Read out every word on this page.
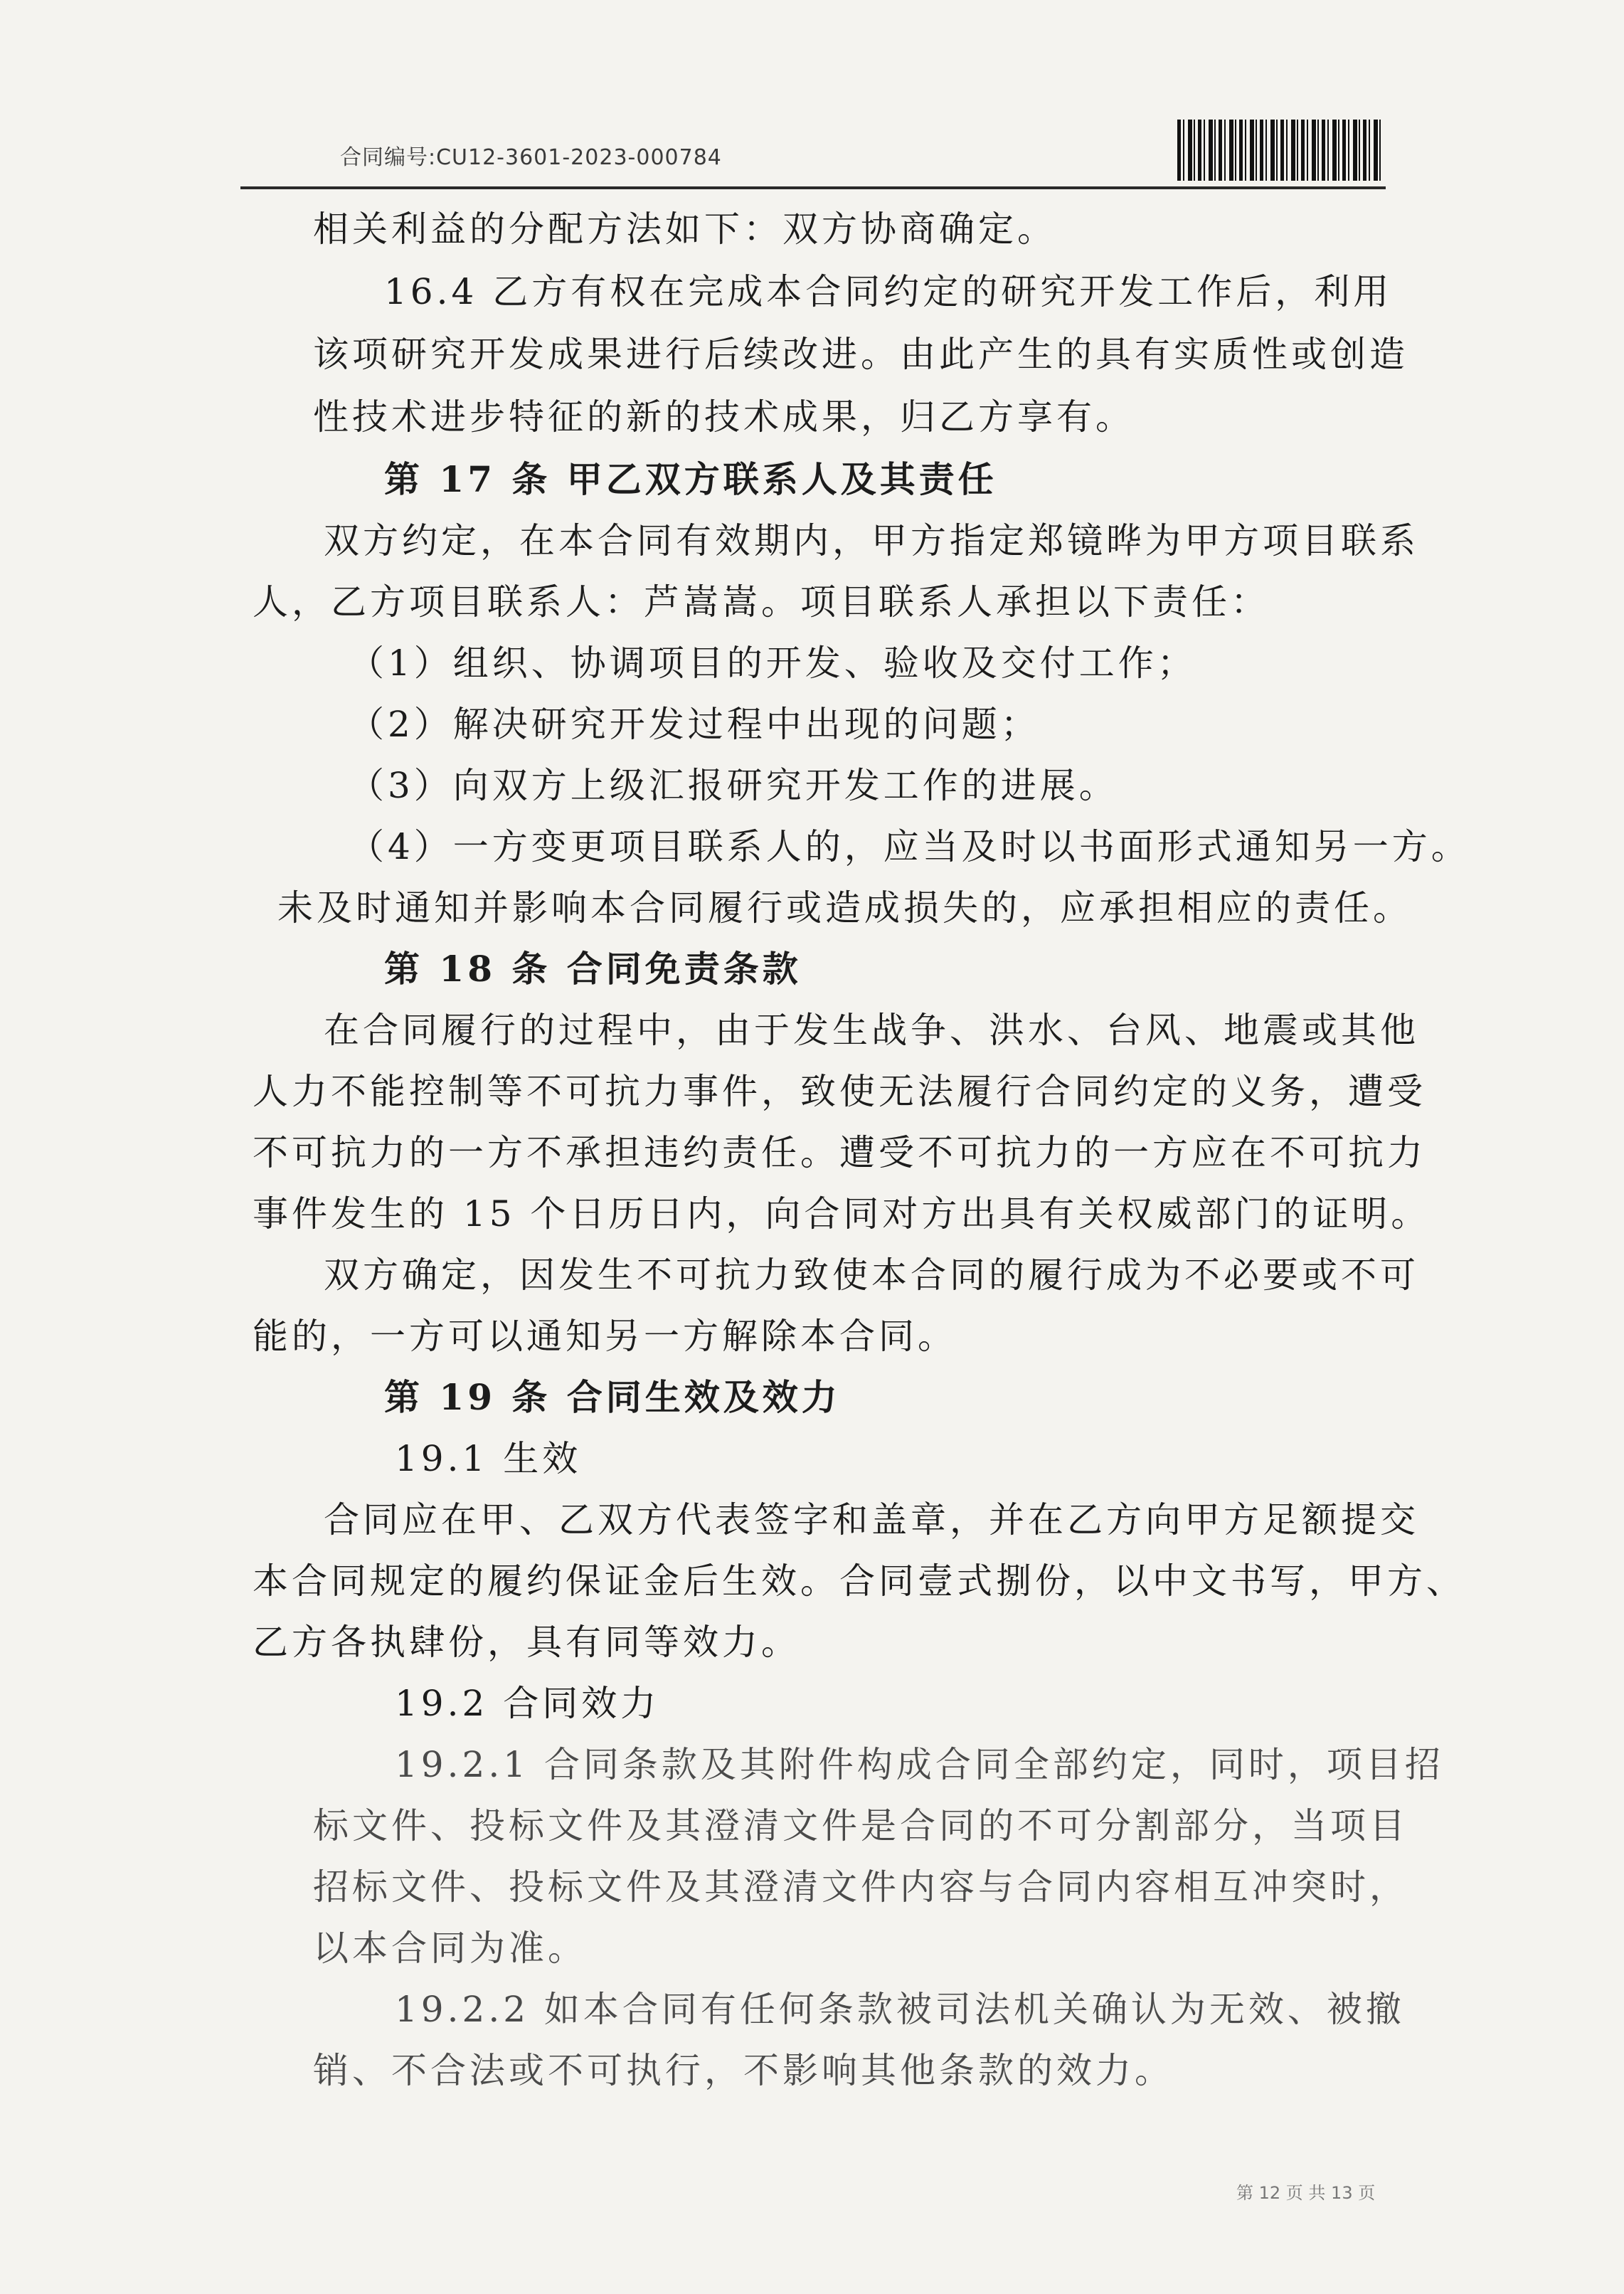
合同编号:CU12-3601-2023-000784
相关利益的分配方法如下：双方协商确定。
16.4 乙方有权在完成本合同约定的研究开发工作后，利用
该项研究开发成果进行后续改进。由此产生的具有实质性或创造
性技术进步特征的新的技术成果，归乙方享有。
第 17 条 甲乙双方联系人及其责任
双方约定，在本合同有效期内，甲方指定郑镜晔为甲方项目联系
人，乙方项目联系人：芦嵩嵩。项目联系人承担以下责任：
（1）组织、协调项目的开发、验收及交付工作；
（2）解决研究开发过程中出现的问题；
（3）向双方上级汇报研究开发工作的进展。
（4）一方变更项目联系人的，应当及时以书面形式通知另一方。
未及时通知并影响本合同履行或造成损失的，应承担相应的责任。
第 18 条 合同免责条款
在合同履行的过程中，由于发生战争、洪水、台风、地震或其他
人力不能控制等不可抗力事件，致使无法履行合同约定的义务，遭受
不可抗力的一方不承担违约责任。遭受不可抗力的一方应在不可抗力
事件发生的 15 个日历日内，向合同对方出具有关权威部门的证明。
双方确定，因发生不可抗力致使本合同的履行成为不必要或不可
能的，一方可以通知另一方解除本合同。
第 19 条 合同生效及效力
19.1 生效
合同应在甲、乙双方代表签字和盖章，并在乙方向甲方足额提交
本合同规定的履约保证金后生效。合同壹式捌份，以中文书写，甲方、
乙方各执肆份，具有同等效力。
19.2 合同效力
19.2.1 合同条款及其附件构成合同全部约定，同时，项目招
标文件、投标文件及其澄清文件是合同的不可分割部分，当项目
招标文件、投标文件及其澄清文件内容与合同内容相互冲突时，
以本合同为准。
19.2.2 如本合同有任何条款被司法机关确认为无效、被撤
销、不合法或不可执行，不影响其他条款的效力。
第 12 页 共 13 页
